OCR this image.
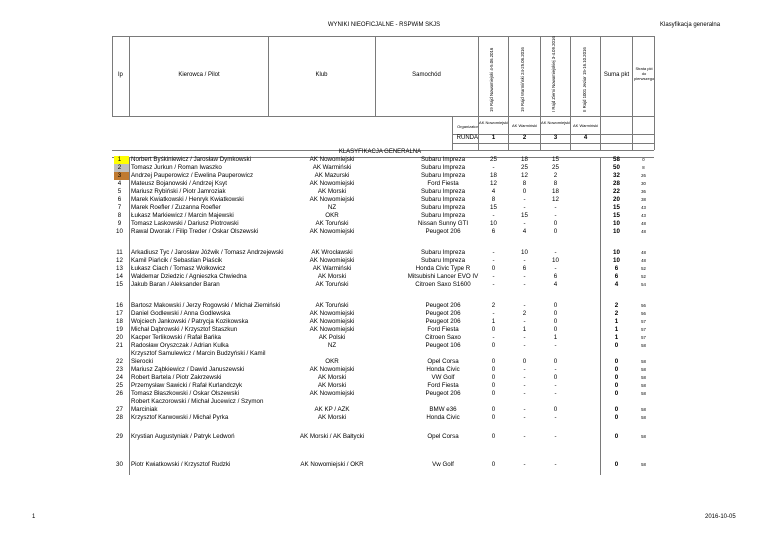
WYNIKI NIEOFICJALNE - RSPWiM SKJS	Klasyfikacja generalna
lp	Kierowca / Pilot	Klub	Samochód	19 Rajd Nowomiejski 4-5.06.2016	19 Rajd Warmiński 24-25.06.2016	I Rajd Ziemi Nowomiejskiej 3-4.09.2016	II Rajd 1001 Jezior 15-16.10.2016	Suma pkt
Strata pkt do pierwszego
Organizator
AK Nowomiejski
AK Warmiński
AK Nowomiejski
AK Warmiński
RUNDA	1	2	3	4
KLASYFIKACJA GENERALNA
1	Norbert Byśkiniewicz / Jarosław Dymkowski	AK Nowomiejski	Subaru Impreza	25	18	15	58	0
2	Tomasz Jurkun / Roman Iwaszko	AK Warmiński	Subaru Impreza	-	25	25	50	8
3	Andrzej Pauperowicz / Ewelina Pauperowicz	AK Mazurski	Subaru Impreza	18	12	2	32	26
4	Mateusz Bojanowski / Andrzej Ksyt	AK Nowomiejski	Ford Fiesta	12	8	8	28	30
5	Mariusz Rybiński / Piotr Jamroziak	AK Morski	Subaru Impreza	4	0	18	22	36
6	Marek Kwiatkowski / Henryk Kwiatkowski	AK Nowomiejski	Subaru Impreza	8	-	12	20	38
7	Marek Roefler / Zuzanna Roefler	NZ	Subaru Impreza	15	-	-	15	43
8	Łukasz Markiewicz / Marcin Majewski	OKR	Subaru Impreza	-	15	-	15	43
9	Tomasz Laskowski / Dariusz Piotrowski	AK Toruński	Nissan Sunny GTI	10	-	0	10	48
10	Rawal Dworak / Filip Treder / Oskar Olszewski	AK Nowomiejski	Peugeot 206	6	4	0	10	48
11	Arkadiusz Tyc / Jarosław Jóźwik / Tomasz Andrzejewski	AK Wrocławski	Subaru Impreza	-	10	-	10	48
12	Kamil Piańcik / Sebastian Piaścik	AK Nowomiejski	Subaru Impreza	-	-	10	10	48
13	Łukasz Ciach / Tomasz Wołkowicz	AK Warmiński	Honda Civic Type R	0	6	-	6	52
14	Waldemar Dziedzic / Agnieszka Chwiedna	AK Morski	Mitsubishi Lancer EVO IV	-	-	6	6	52
15	Jakub Baran / Aleksander Baran	AK Toruński	Citroen Saxo S1600	-	-	4	4	54
16	Bartosz Makowski / Jerzy Rogowski / Michał Ziemiński	AK Toruński	Peugeot 206	2	-	0	2	56
17	Daniel Godlewski / Anna Godlewska	AK Nowomiejski	Peugeot 206	-	2	0	2	56
18	Wojciech Jankowski / Patrycja Kozikowska	AK Nowomiejski	Peugeot 206	1	-	0	1	57
19	Michał Dąbrowski / Krzysztof Staszkun	AK Nowomiejski	Ford Fiesta	0	1	0	1	57
20	Kacper Terlikowski / Rafał Bańka	AK Polski	Citroen Saxo	-	-	1	1	57
21	Radosław Oryszczak / Adrian Kulka	NZ	Peugeot 106	0	-	-	0	58
Krzysztof Samulewicz / Marcin Budzyński / Kamil
22	Sierocki	OKR	Opel Corsa	0	0	0	0	58
23	Mariusz Ząbkiewicz / Dawid Januszewski	AK Nowomiejski	Honda Civic	0	-	-	0	58
24	Robert Bartela / Piotr Zakrzewski	AK Morski	VW Golf	0	-	0	0	58
25	Przemysław Sawicki / Rafał Kurlandczyk	AK Morski	Ford Fiesta	0	-	-	0	58
26	Tomasz Błaszkowski / Oskar Olszewski	AK Nowomiejski	Peugeot 206	0	-	-	0	58
Robert Kaczorowski / Michał Jucewicz / Szymon
27	Marciniak	AK KP / AZK	BMW e36	0	-	0	0	58
28	Krzysztof Karwowski / Michał Pyrka	AK Morski	Honda Civic	0	-	-	0	58
29	Krystian Augustyniak / Patryk Ledwoń	AK Morski / AK Bałtycki	Opel Corsa	0	-	-	0	58
30	Piotr Kwiatkowski / Krzysztof Rudzki	AK Nowomiejski / OKR	Vw Golf	0	-	-	0	58
1	2016-10-05
